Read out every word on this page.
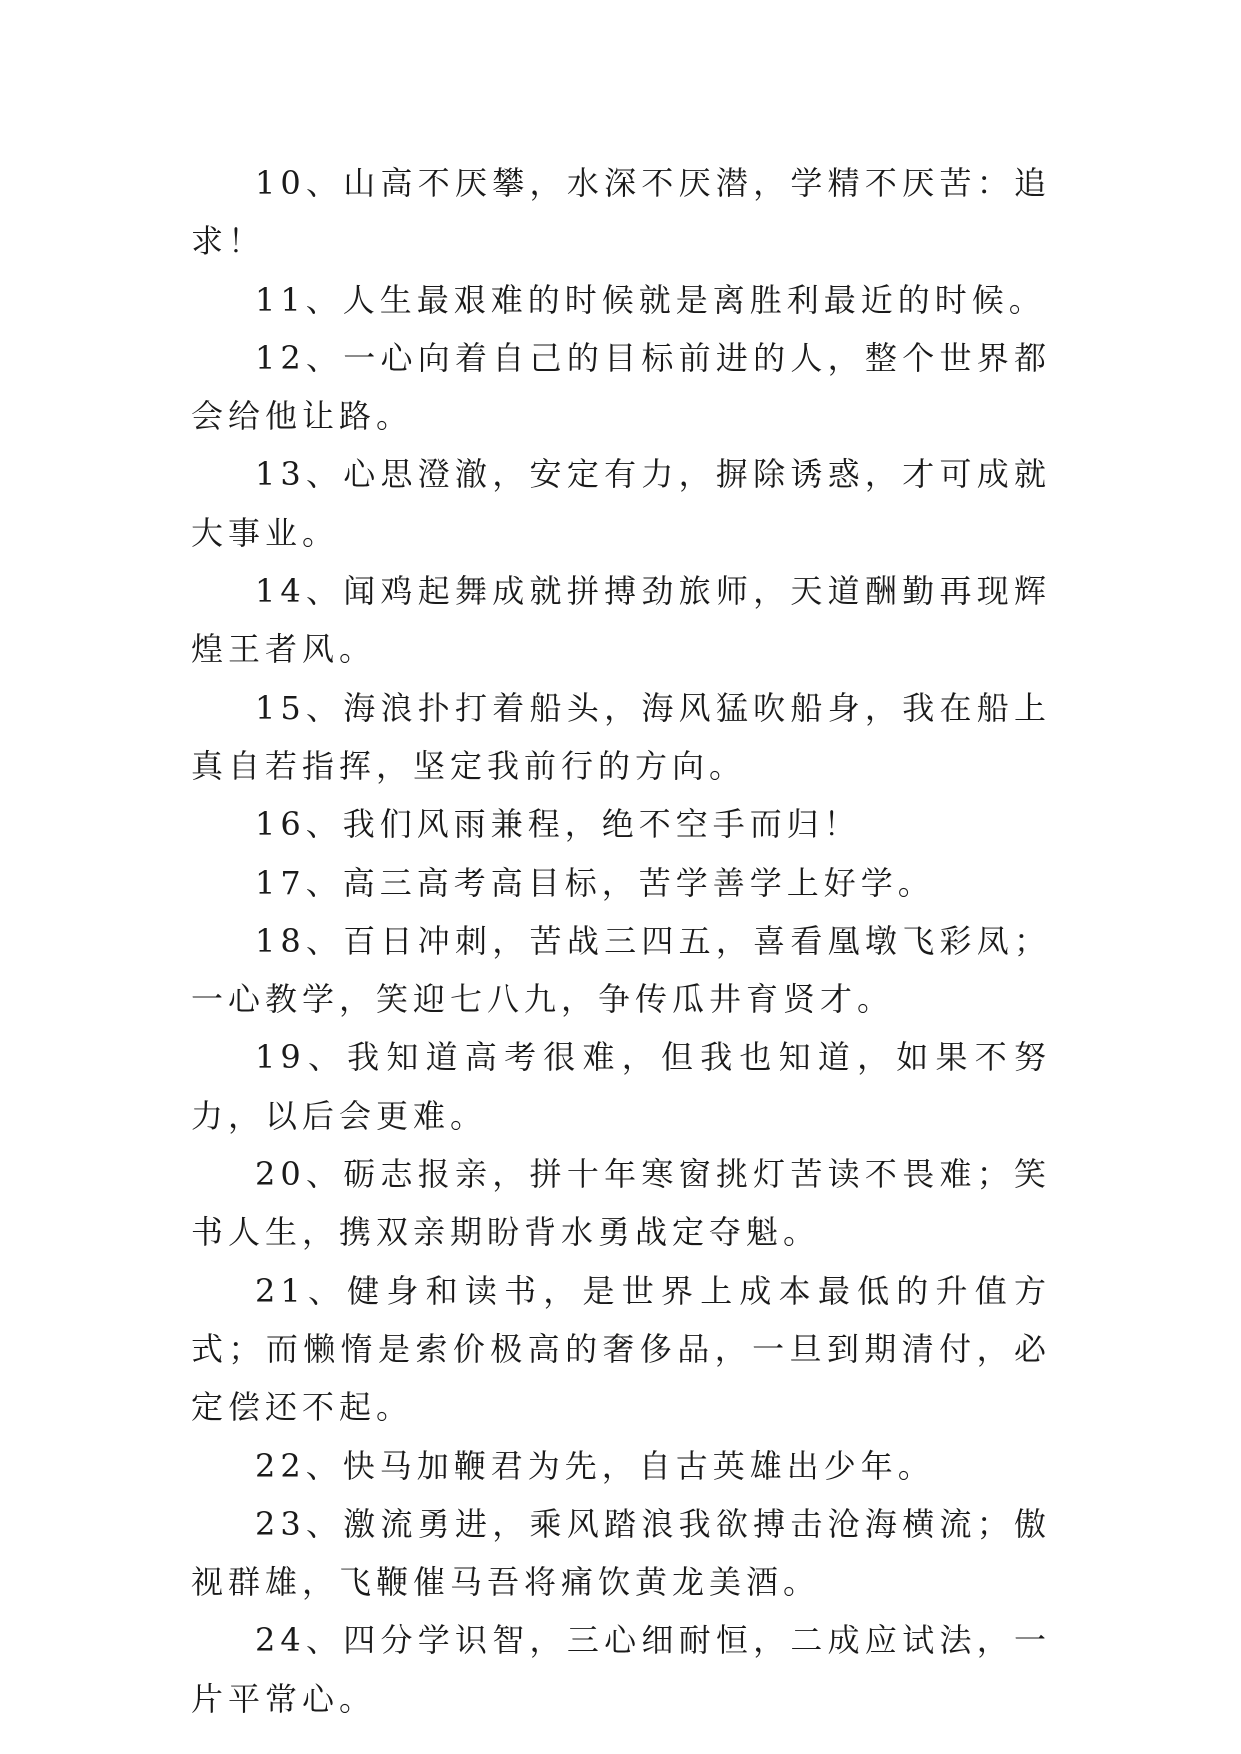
10、山高不厌攀，水深不厌潜，学精不厌苦：追求！

11、人生最艰难的时候就是离胜利最近的时候。

12、一心向着自己的目标前进的人，整个世界都会给他让路。

13、心思澄澈，安定有力，摒除诱惑，才可成就大事业。

14、闻鸡起舞成就拼搏劲旅师，天道酬勤再现辉煌王者风。

15、海浪扑打着船头，海风猛吹船身，我在船上真自若指挥，坚定我前行的方向。

16、我们风雨兼程，绝不空手而归！

17、高三高考高目标，苦学善学上好学。

18、百日冲刺，苦战三四五，喜看凰墩飞彩凤；一心教学，笑迎七八九，争传瓜井育贤才。

19、我知道高考很难，但我也知道，如果不努力，以后会更难。

20、砺志报亲，拼十年寒窗挑灯苦读不畏难；笑书人生，携双亲期盼背水勇战定夺魁。

21、健身和读书，是世界上成本最低的升值方式；而懒惰是索价极高的奢侈品，一旦到期清付，必定偿还不起。

22、快马加鞭君为先，自古英雄出少年。

23、激流勇进，乘风踏浪我欲搏击沧海横流；傲视群雄，飞鞭催马吾将痛饮黄龙美酒。

24、四分学识智，三心细耐恒，二成应试法，一片平常心。
